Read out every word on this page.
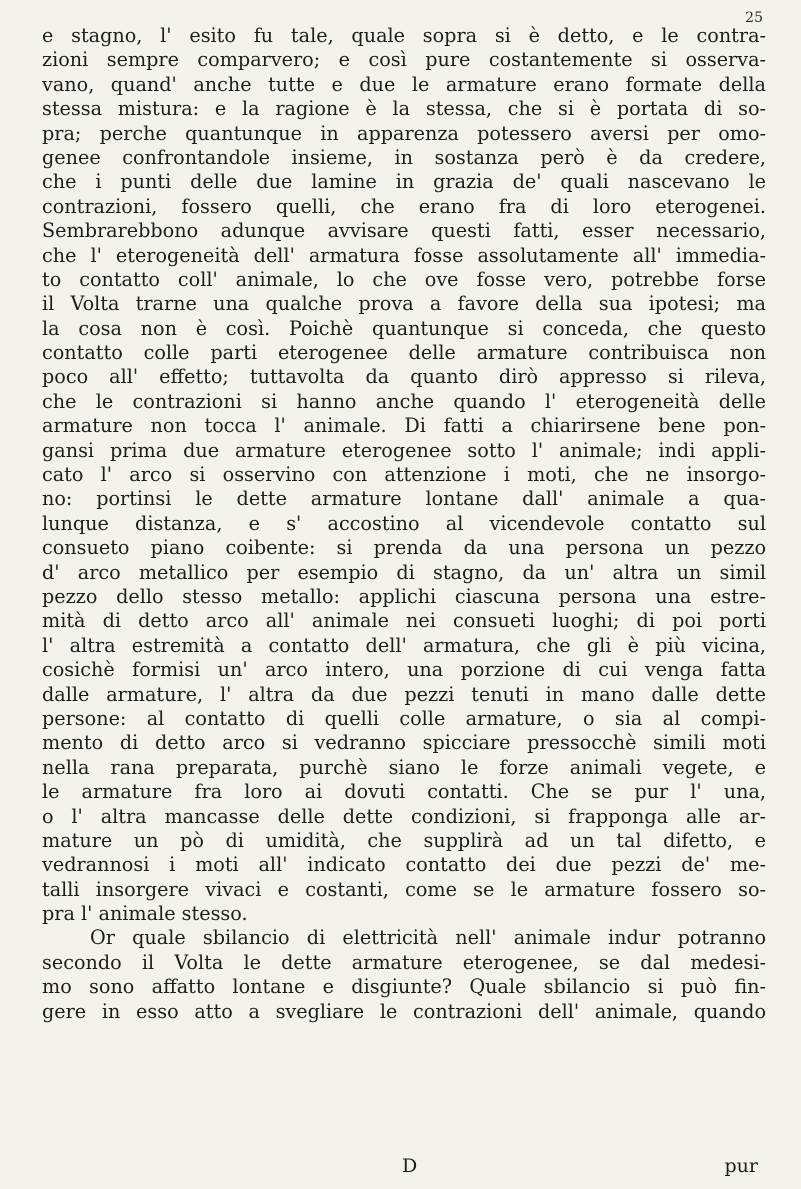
25
e stagno, l' esito fu tale, quale sopra si è detto, e le contra-
zioni sempre comparvero; e così pure costantemente si osserva-
vano, quand' anche tutte e due le armature erano formate della
stessa mistura: e la ragione è la stessa, che si è portata di so-
pra; perche quantunque in apparenza potessero aversi per omo-
genee confrontandole insieme, in sostanza però è da credere,
che i punti delle due lamine in grazia de' quali nascevano le
contrazioni, fossero quelli, che erano fra di loro eterogenei.
Sembrarebbono adunque avvisare questi fatti, esser necessario,
che l' eterogeneità dell' armatura fosse assolutamente all' immedia-
to contatto coll' animale, lo che ove fosse vero, potrebbe forse
il Volta trarne una qualche prova a favore della sua ipotesi; ma
la cosa non è così. Poichè quantunque si conceda, che questo
contatto colle parti eterogenee delle armature contribuisca non
poco all' effetto; tuttavolta da quanto dirò appresso si rileva,
che le contrazioni si hanno anche quando l' eterogeneità delle
armature non tocca l' animale. Di fatti a chiarirsene bene pon-
gansi prima due armature eterogenee sotto l' animale; indi appli-
cato l' arco si osservino con attenzione i moti, che ne insorgo-
no: portinsi le dette armature lontane dall' animale a qua-
lunque distanza, e s' accostino al vicendevole contatto sul
consueto piano coibente: si prenda da una persona un pezzo
d' arco metallico per esempio di stagno, da un' altra un simil
pezzo dello stesso metallo: applichi ciascuna persona una estre-
mità di detto arco all' animale nei consueti luoghi; di poi porti
l' altra estremità a contatto dell' armatura, che gli è più vicina,
cosichè formisi un' arco intero, una porzione di cui venga fatta
dalle armature, l' altra da due pezzi tenuti in mano dalle dette
persone: al contatto di quelli colle armature, o sia al compi-
mento di detto arco si vedranno spicciare pressocchè simili moti
nella rana preparata, purchè siano le forze animali vegete, e
le armature fra loro ai dovuti contatti. Che se pur l' una,
o l' altra mancasse delle dette condizioni, si frapponga alle ar-
mature un pò di umidità, che supplirà ad un tal difetto, e
vedrannosi i moti all' indicato contatto dei due pezzi de' me-
talli insorgere vivaci e costanti, come se le armature fossero so-
pra l' animale stesso.
Or quale sbilancio di elettricità nell' animale indur potranno
secondo il Volta le dette armature eterogenee, se dal medesi-
mo sono affatto lontane e disgiunte? Quale sbilancio si può fin-
gere in esso atto a svegliare le contrazioni dell' animale, quando
D	pur
